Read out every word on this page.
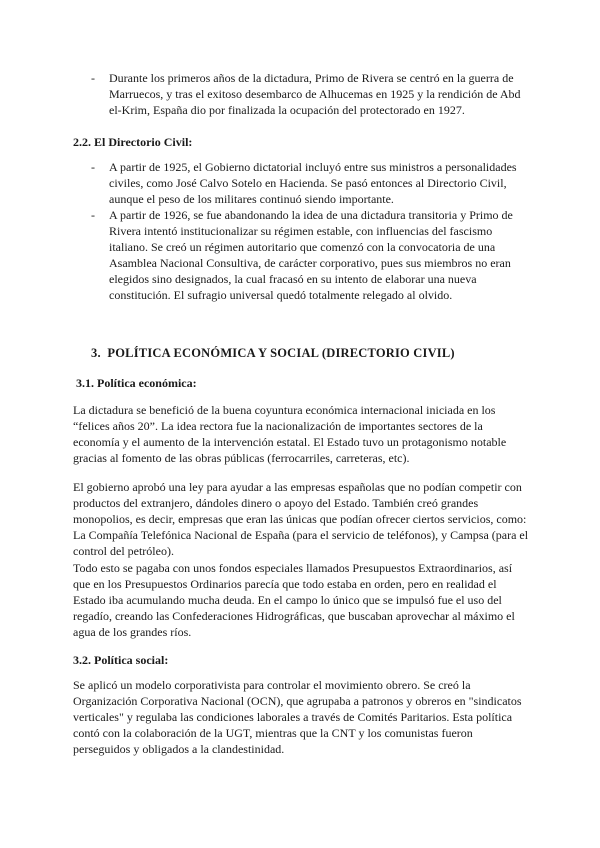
- Durante los primeros años de la dictadura, Primo de Rivera se centró en la guerra de Marruecos, y tras el exitoso desembarco de Alhucemas en 1925 y la rendición de Abd el-Krim, España dio por finalizada la ocupación del protectorado en 1927.
2.2. El Directorio Civil:
- A partir de 1925, el Gobierno dictatorial incluyó entre sus ministros a personalidades civiles, como José Calvo Sotelo en Hacienda. Se pasó entonces al Directorio Civil, aunque el peso de los militares continuó siendo importante.
- A partir de 1926, se fue abandonando la idea de una dictadura transitoria y Primo de Rivera intentó institucionalizar su régimen estable, con influencias del fascismo italiano. Se creó un régimen autoritario que comenzó con la convocatoria de una Asamblea Nacional Consultiva, de carácter corporativo, pues sus miembros no eran elegidos sino designados, la cual fracasó en su intento de elaborar una nueva constitución. El sufragio universal quedó totalmente relegado al olvido.
3.  POLÍTICA ECONÓMICA Y SOCIAL (DIRECTORIO CIVIL)
3.1. Política económica:

La dictadura se benefició de la buena coyuntura económica internacional iniciada en los “felices años 20”. La idea rectora fue la nacionalización de importantes sectores de la economía y el aumento de la intervención estatal. El Estado tuvo un protagonismo notable gracias al fomento de las obras públicas (ferrocarriles, carreteras, etc).

El gobierno aprobó una ley para ayudar a las empresas españolas que no podían competir con productos del extranjero, dándoles dinero o apoyo del Estado. También creó grandes monopolios, es decir, empresas que eran las únicas que podían ofrecer ciertos servicios, como: La Compañía Telefónica Nacional de España (para el servicio de teléfonos), y Campsa (para el control del petróleo).

Todo esto se pagaba con unos fondos especiales llamados Presupuestos Extraordinarios, así que en los Presupuestos Ordinarios parecía que todo estaba en orden, pero en realidad el Estado iba acumulando mucha deuda. En el campo lo único que se impulsó fue el uso del regadío, creando las Confederaciones Hidrográficas, que buscaban aprovechar al máximo el agua de los grandes ríos.

3.2. Política social:

Se aplicó un modelo corporativista para controlar el movimiento obrero. Se creó la Organización Corporativa Nacional (OCN), que agrupaba a patronos y obreros en "sindicatos verticales" y regulaba las condiciones laborales a través de Comités Paritarios. Esta política contó con la colaboración de la UGT, mientras que la CNT y los comunistas fueron perseguidos y obligados a la clandestinidad.
